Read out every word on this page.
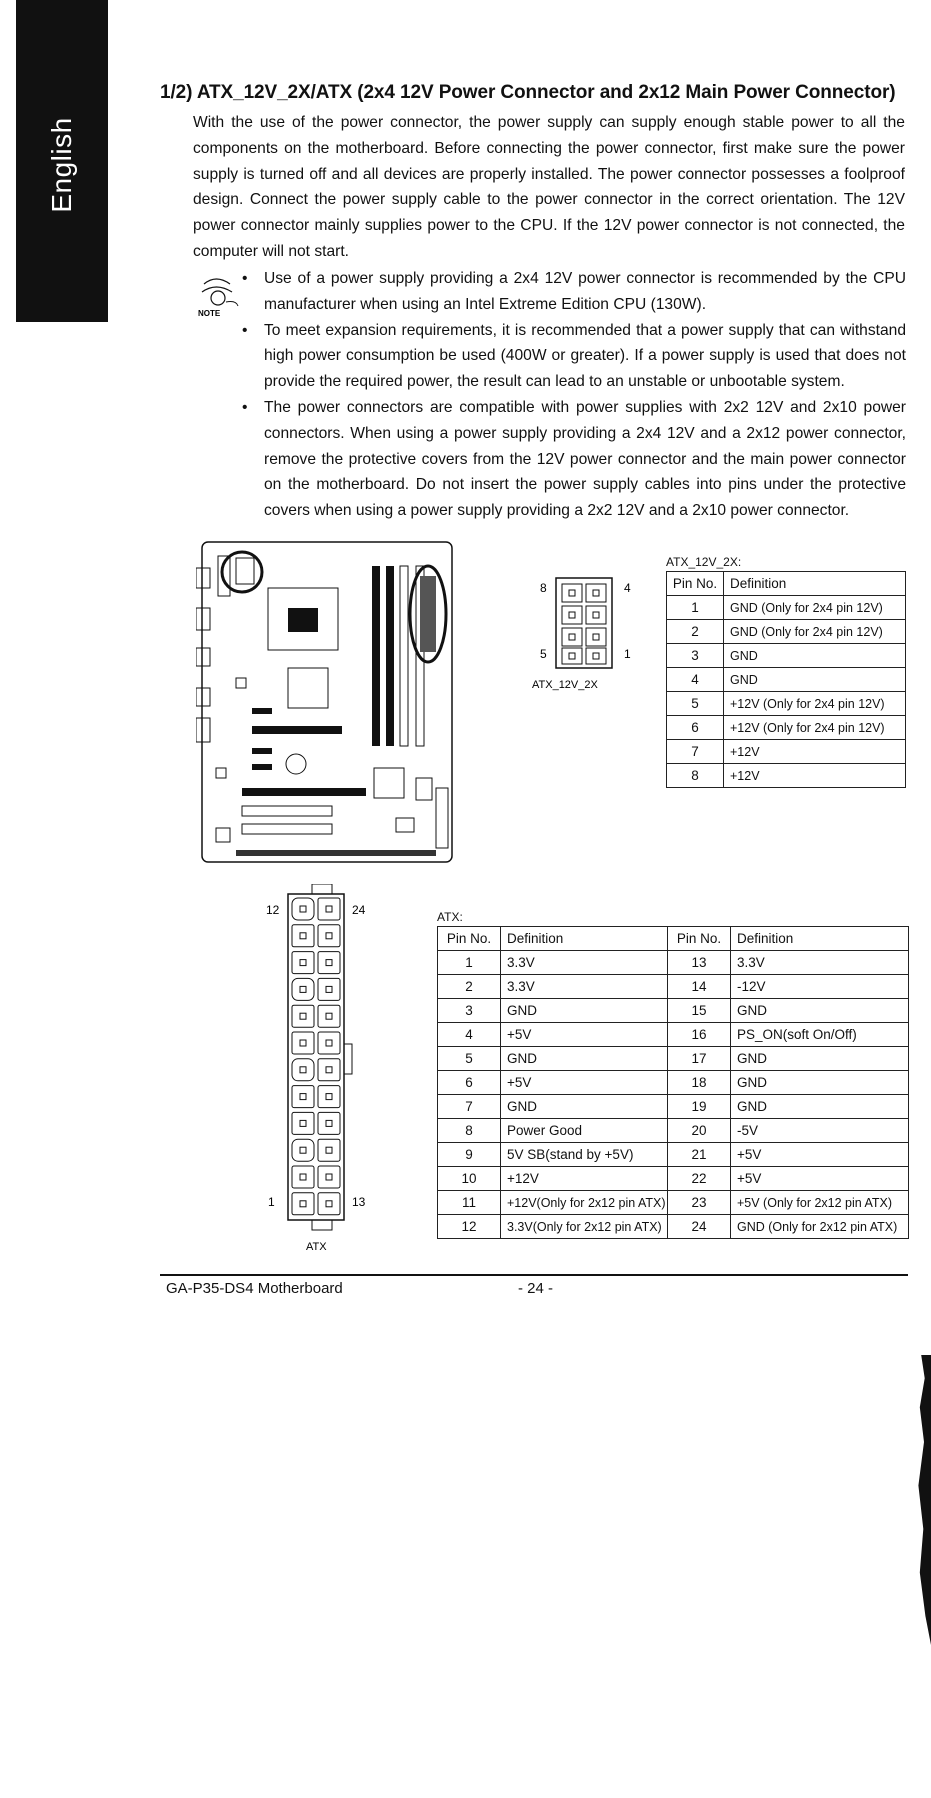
English
1/2) ATX_12V_2X/ATX (2x4 12V Power Connector and 2x12 Main Power Connector)

With the use of the power connector, the power supply can supply enough stable power to all the components on the motherboard. Before connecting the power connector, first make sure the power supply is turned off and all devices are properly installed. The power connector possesses a foolproof design. Connect the power supply cable to the power connector in the correct orientation. The 12V power connector mainly supplies power to the CPU. If the 12V power connector is not connected, the computer will not start.

NOTE
• Use of a power supply providing a 2x4 12V power connector is recommended by the CPU manufacturer when using an Intel Extreme Edition CPU (130W).
• To meet expansion requirements, it is recommended that a power supply that can withstand high power consumption be used (400W or greater). If a power supply is used that does not provide the required power, the result can lead to an unstable or unbootable system.
• The power connectors are compatible with power supplies with 2x2 12V and 2x10 power connectors. When using a power supply providing a 2x4 12V and a 2x12 power connector, remove the protective covers from the 12V power connector and the main power connector on the motherboard. Do not insert the power supply cables into pins under the protective covers when using a power supply providing a 2x2 12V and a 2x10 power connector.
8	4
5	1
ATX_12V_2X
ATX_12V_2X:
Pin No.	Definition
1	GND (Only for 2x4 pin 12V)
2	GND (Only for 2x4 pin 12V)
3	GND
4	GND
5	+12V (Only for 2x4 pin 12V)
6	+12V (Only for 2x4 pin 12V)
7	+12V
8	+12V
12	24
1	13
ATX
ATX:
Pin No.	Definition	Pin No.	Definition
1	3.3V	13	3.3V
2	3.3V	14	-12V
3	GND	15	GND
4	+5V	16	PS_ON(soft On/Off)
5	GND	17	GND
6	+5V	18	GND
7	GND	19	GND
8	Power Good	20	-5V
9	5V SB(stand by +5V)	21	+5V
10	+12V	22	+5V
11	+12V(Only for 2x12 pin ATX)	23	+5V (Only for 2x12 pin ATX)
12	3.3V(Only for 2x12 pin ATX)	24	GND (Only for 2x12 pin ATX)
GA-P35-DS4 Motherboard	- 24 -
